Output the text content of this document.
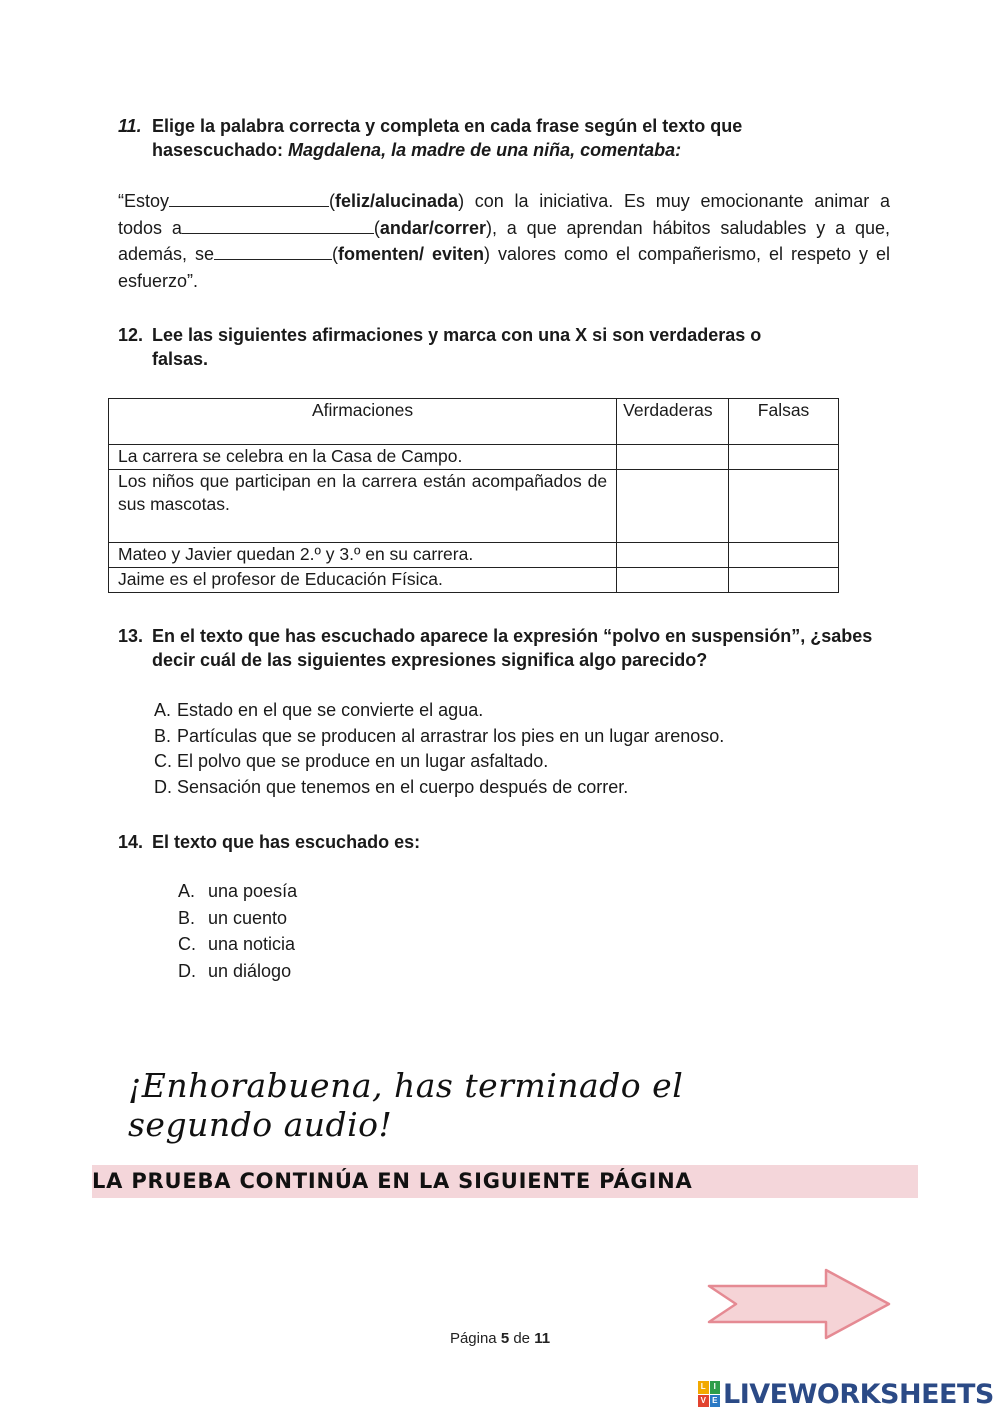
11. Elige la palabra correcta y completa en cada frase según el texto que
hasescuchado: Magdalena, la madre de una niña, comentaba:
“Estoy	(feliz/alucinada) con la iniciativa. Es muy emocionante animar a todos a	(andar/correr), a que aprendan hábitos saludables y a que, además, se	(fomenten/ eviten) valores como el compañerismo, el respeto y el esfuerzo”.
12. Lee las siguientes afirmaciones y marca con una X si son verdaderas o
falsas.
Afirmaciones	Verdaderas	Falsas
La carrera se celebra en la Casa de Campo.		
Los niños que participan en la carrera están acompañados de sus mascotas.		
Mateo y Javier quedan 2.º y 3.º en su carrera.		
Jaime es el profesor de Educación Física.		
13. En el texto que has escuchado aparece la expresión “polvo en suspensión”, ¿sabes
decir cuál de las siguientes expresiones significa algo parecido?
A. Estado en el que se convierte el agua.
B. Partículas que se producen al arrastrar los pies en un lugar arenoso.
C. El polvo que se produce en un lugar asfaltado.
D. Sensación que tenemos en el cuerpo después de correr.
14. El texto que has escuchado es:
A. una poesía
B. un cuento
C. una noticia
D. un diálogo
¡Enhorabuena, has terminado el segundo audio!
LA PRUEBA CONTINÚA EN LA SIGUIENTE PÁGINA
Página 5 de 11
L I
V E LIVEWORKSHEETS
